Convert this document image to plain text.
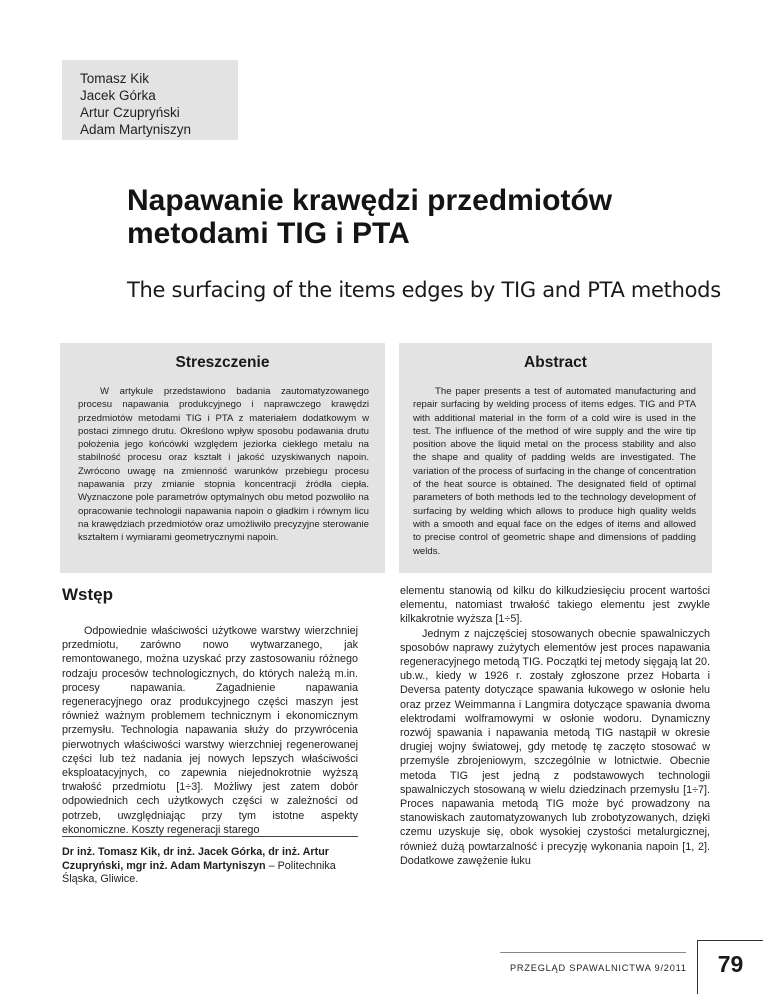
Tomasz Kik
Jacek Górka
Artur Czupryński
Adam Martyniszyn
Napawanie krawędzi przedmiotów
metodami TIG i PTA
The surfacing of the items edges by TIG and PTA methods
Streszczenie

W artykule przedstawiono badania zautomatyzowanego procesu napawania produkcyjnego i naprawczego krawędzi przedmiotów metodami TIG i PTA z materiałem dodatkowym w postaci zimnego drutu. Określono wpływ sposobu podawania drutu położenia jego końcówki względem jeziorka ciekłego metalu na stabilność procesu oraz kształt i jakość uzyskiwanych napoin. Zwrócono uwagę na zmienność warunków przebiegu procesu napawania przy zmianie stopnia koncentracji źródła ciepła. Wyznaczone pole parametrów optymalnych obu metod pozwoliło na opracowanie technologii napawania napoin o gładkim i równym licu na krawędziach przedmiotów oraz umożliwiło precyzyjne sterowanie kształtem i wymiarami geometrycznymi napoin.

Abstract

The paper presents a test of automated manufacturing and repair surfacing by welding process of items edges. TIG and PTA with additional material in the form of a cold wire is used in the test. The influence of the method of wire supply and the wire tip position above the liquid metal on the process stability and also the shape and quality of padding welds are investigated. The variation of the process of surfacing in the change of concentration of the heat source is obtained. The designated field of optimal parameters of both methods led to the technology development of surfacing by welding which allows to produce high quality welds with a smooth and equal face on the edges of items and allowed to precise control of geometric shape and dimensions of padding welds.

Wstęp

Odpowiednie właściwości użytkowe warstwy wierzchniej przedmiotu, zarówno nowo wytwarzanego, jak remontowanego, można uzyskać przy zastosowaniu różnego rodzaju procesów technologicznych, do których należą m.in. procesy napawania. Zagadnienie napawania regeneracyjnego oraz produkcyjnego części maszyn jest również ważnym problemem technicznym i ekonomicznym przemysłu. Technologia napawania służy do przywrócenia pierwotnych właściwości warstwy wierzchniej regenerowanej części lub też nadania jej nowych lepszych właściwości eksploatacyjnych, co zapewnia niejednokrotnie wyższą trwałość przedmiotu [1÷3]. Możliwy jest zatem dobór odpowiednich cech użytkowych części w zależności od potrzeb, uwzględniając przy tym istotne aspekty ekonomiczne. Koszty regeneracji starego

elementu stanowią od kilku do kilkudziesięciu procent wartości elementu, natomiast trwałość takiego elementu jest zwykle kilkakrotnie wyższa [1÷5].

Jednym z najczęściej stosowanych obecnie spawalniczych sposobów naprawy zużytych elementów jest proces napawania regeneracyjnego metodą TIG. Początki tej metody sięgają lat 20. ub.w., kiedy w 1926 r. zostały zgłoszone przez Hobarta i Deversa patenty dotyczące spawania łukowego w osłonie helu oraz przez Weimmanna i Langmira dotyczące spawania dwoma elektrodami wolframowymi w osłonie wodoru. Dynamiczny rozwój spawania i napawania metodą TIG nastąpił w okresie drugiej wojny światowej, gdy metodę tę zaczęto stosować w przemyśle zbrojeniowym, szczególnie w lotnictwie. Obecnie metoda TIG jest jedną z podstawowych technologii spawalniczych stosowaną w wielu dziedzinach przemysłu [1÷7]. Proces napawania metodą TIG może być prowadzony na stanowiskach zautomatyzowanych lub zrobotyzowanych, dzięki czemu uzyskuje się, obok wysokiej czystości metalurgicznej, również dużą powtarzalność i precyzję wykonania napoin [1, 2]. Dodatkowe zawężenie łuku

Dr inż. Tomasz Kik, dr inż. Jacek Górka, dr inż. Artur Czupryński, mgr inż. Adam Martyniszyn – Politechnika Śląska, Gliwice.
PRZEGLĄD SPAWALNICTWA 9/2011	79
